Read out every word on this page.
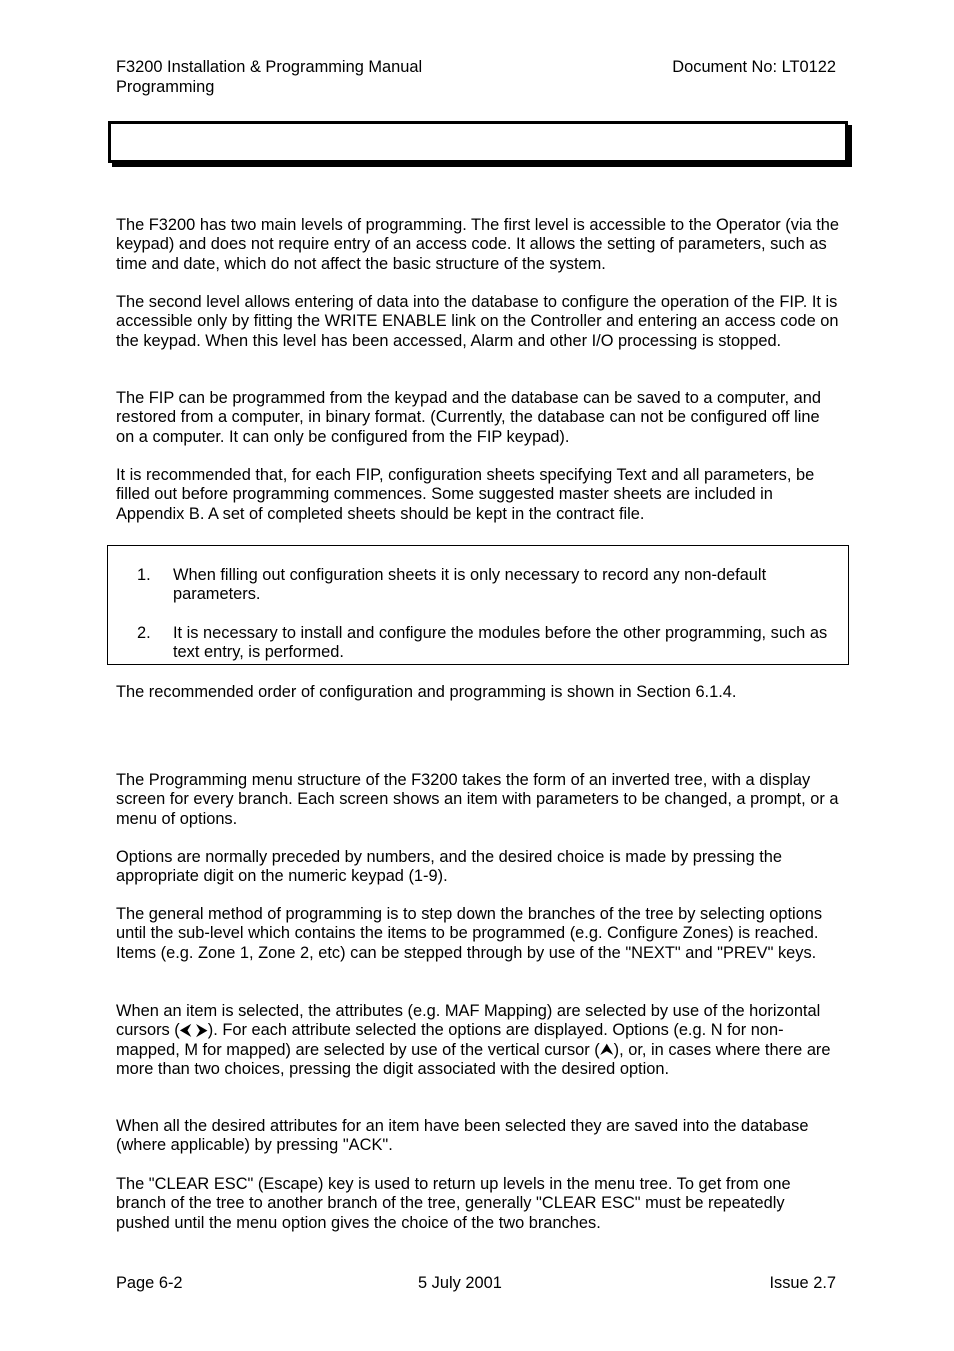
F3200 Installation & Programming Manual
Programming
Document No: LT0122

The F3200 has two main levels of programming. The first level is accessible to the Operator (via the keypad) and does not require entry of an access code. It allows the setting of parameters, such as time and date, which do not affect the basic structure of the system.

The second level allows entering of data into the database to configure the operation of the FIP. It is accessible only by fitting the WRITE ENABLE link on the Controller and entering an access code on the keypad. When this level has been accessed, Alarm and other I/O processing is stopped.

The FIP can be programmed from the keypad and the database can be saved to a computer, and restored from a computer, in binary format. (Currently, the database can not be configured off line on a computer. It can only be configured from the FIP keypad).

It is recommended that, for each FIP, configuration sheets specifying Text and all parameters, be filled out before programming commences. Some suggested master sheets are included in Appendix B. A set of completed sheets should be kept in the contract file.

1. When filling out configuration sheets it is only necessary to record any non-default parameters.
2. It is necessary to install and configure the modules before the other programming, such as text entry, is performed.

The recommended order of configuration and programming is shown in Section 6.1.4.

The Programming menu structure of the F3200 takes the form of an inverted tree, with a display screen for every branch. Each screen shows an item with parameters to be changed, a prompt, or a menu of options.

Options are normally preceded by numbers, and the desired choice is made by pressing the appropriate digit on the numeric keypad (1-9).

The general method of programming is to step down the branches of the tree by selecting options until the sub-level which contains the items to be programmed (e.g. Configure Zones) is reached. Items (e.g. Zone 1, Zone 2, etc) can be stepped through by use of the "NEXT" and "PREV" keys.

When an item is selected, the attributes (e.g. MAF Mapping) are selected by use of the horizontal cursors (⮜ ⮞). For each attribute selected the options are displayed. Options (e.g. N for non-mapped, M for mapped) are selected by use of the vertical cursor (⮝), or, in cases where there are more than two choices, pressing the digit associated with the desired option.

When all the desired attributes for an item have been selected they are saved into the database (where applicable) by pressing "ACK".

The "CLEAR ESC" (Escape) key is used to return up levels in the menu tree. To get from one branch of the tree to another branch of the tree, generally "CLEAR ESC" must be repeatedly pushed until the menu option gives the choice of the two branches.

Page 6-2	5 July 2001	Issue 2.7
